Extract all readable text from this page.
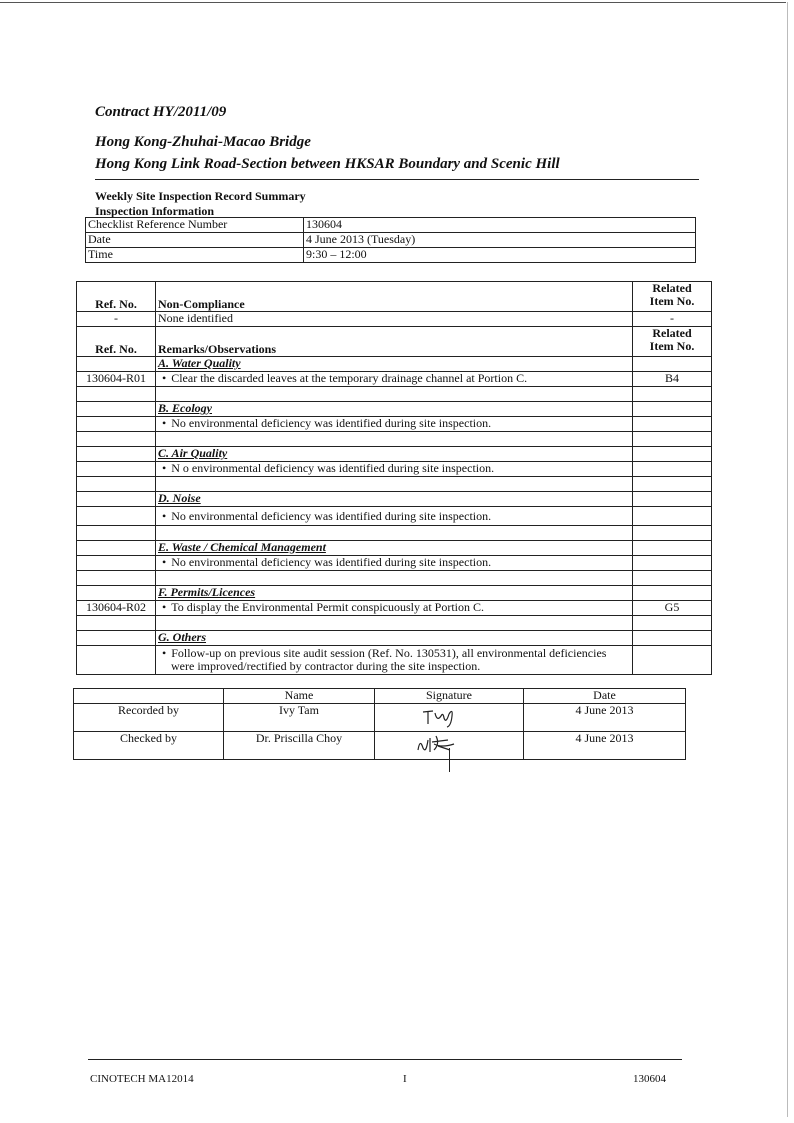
Contract HY/2011/09
Hong Kong-Zhuhai-Macao Bridge
Hong Kong Link Road-Section between HKSAR Boundary and Scenic Hill
Weekly Site Inspection Record Summary
Inspection Information
Checklist Reference Number	130604
Date	4 June 2013 (Tuesday)
Time	9:30 – 12:00
Ref. No.	Non-Compliance	Related
Item No.
-	None identified	-
Ref. No.	Remarks/Observations	Related
Item No.
	A. Water Quality	
130604-R01	• Clear the discarded leaves at the temporary drainage channel at Portion C.	B4

	B. Ecology	
	• No environmental deficiency was identified during site inspection.	

	C. Air Quality	
	• N o environmental deficiency was identified during site inspection.	

	D. Noise	
	• No environmental deficiency was identified during site inspection.	

	E. Waste / Chemical Management	
	• No environmental deficiency was identified during site inspection.	

	F. Permits/Licences	
130604-R02	• To display the Environmental Permit conspicuously at Portion C.	G5

	G. Others	
	• Follow-up on previous site audit session (Ref. No. 130531), all environmental deficiencies
were improved/rectified by contractor during the site inspection.

	Name	Signature	Date
Recorded by	Ivy Tam		4 June 2013
Checked by	Dr. Priscilla Choy		4 June 2013
CINOTECH MA12014	I	130604
